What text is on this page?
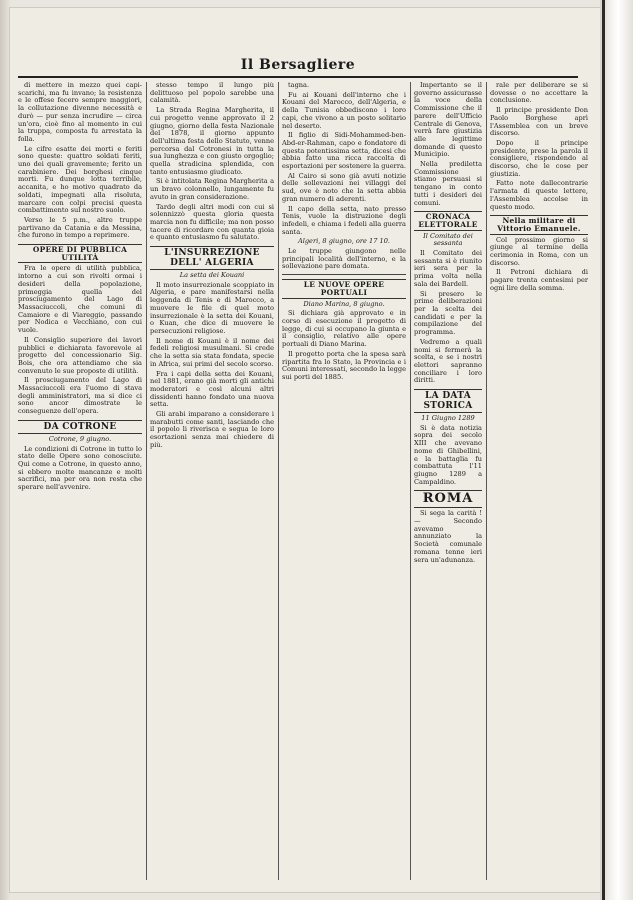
Il Bersagliere

di mettere in mezzo quei capi-scarichi, ma fu invano; la resistenza e le offese fecero sempre maggiori, la collutazione divenne necessità e durò — pur senza incrudire — circa un'ora, cioè fino al momento in cui la truppa, composta fu arrestata la folla.

Le cifre esatte dei morti e feriti sono queste: quattro soldati feriti, uno dei quali gravemente; ferito un carabiniere. Dei borghesi cinque morti. Fu dunque lotta terribile, accanita, e ho motivo quadrato da soldati, impegnati alla risoluta, marcare con colpi precisi questa combattimento sul nostro suolo.

Verso le 5 p.m., altre truppe partivano da Catania e da Messina, che furono in tempo a reprimere.

OPERE DI PUBBLICA UTILITÀ

Fra le opere di utilità pubblica, intorno a cui son rivolti ormai i desideri della popolazione, primeggia quella del prosciugamento del Lago di Massaciuccoli, che comuni di Camaiore e di Viareggio, passando per Nodica e Vecchiano, con cui vuole.

Il Consiglio superiore dei lavori pubblici e dichiarata favorevole al progetto del concessionario Sig. Bois, che ora attendiamo che sia convenuto le sue proposte di utilità.

Il prosciugamento del Lago di Massaciuccoli era l'uomo di stava degli amministratori, ma si dice ci sono ancor dimostrate le conseguenze dell'opera.

DA COTRONE
Cotrone, 9 giugno.

Le condizioni di Cotrone in tutto lo stato delle Opere sono conosciute. Qui come a Cotrone, in questo anno, si ebbero molte mancanze e molti sacrifici, ma per ora non resta che sperare nell'avvenire.

stesso tempo il lungo più delittuoso pel popolo sarebbe una calamità.

La Strada Regina Margherita, il cui progetto venne approvato il 2 giugno, giorno della festa Nazionale del 1878, il giorno appunto dell'ultima festa dello Statuto, venne percorsa dal Cotronesi in tutta la sua lunghezza e con giusto orgoglio; quella stradicina splendida, con tanto entusiasmo giudicato.

Si è intitolata Regina Margherita a un bravo colonnello, lungamente fu avuto in gran considerazione.

Tardo degli altri modi con cui si solennizzò questa gloria questa marcia non fu difficile; ma non posso tacere di ricordare con quanta gioia e quanto entusiasmo fu salutato.

L'INSURREZIONE DELL' ALGERIA
La setta dei Kouani

Il moto insurrezionale scoppiato in Algeria, e pare manifestarsi nella leggenda di Tenis e di Marocco, a muovere le file di quel moto insurrezionale è la setta dei Kouani, o Kuan, che dice di muovere le persecuzioni religiose.

Il nome di Kouani è il nome dei fedeli religiosi musulmani. Si crede che la setta sia stata fondata, specie in Africa, sui primi del secolo scorso.

Fra i capi della setta dei Kouani, nel 1881, erano già morti gli antichi moderatori e così alcuni altri dissidenti hanno fondato una nuova setta.

Gli arabi imparano a considerare i marabutti come santi, lasciando che il popolo li riverisca e segua le loro esortazioni senza mai chiedere di più.

tagna.

Fu ai Kouani dell'interno che i Kouani del Marocco, dell'Algeria, e della Tunisia obbediscono i loro capi, che vivono a un posto solitario nel deserto.

Il figlio di Sidi-Mohammed-ben-Abd-er-Rahman, capo e fondatore di questa potentissima setta, dicesi che abbia fatto una ricca raccolta di esportazioni per sostenere la guerra.

Al Cairo si sono già avuti notizie delle sollevazioni nei villaggi del sud, ove è noto che la setta abbia gran numero di aderenti.

Il capo della setta, nato presso Tenis, vuole la distruzione degli infedeli, e chiama i fedeli alla guerra santa.

Algeri, 8 giugno, ore 17 10.

Le truppe giungono nelle principali località dell'interno, e la sollevazione pare domata.

LE NUOVE OPERE PORTUALI
Diano Marina, 8 giugno.

Si dichiara già approvato e in corso di esecuzione il progetto di legge, di cui si occupano la giunta e il consiglio, relativo alle opere portuali di Diano Marina.

Il progetto porta che la spesa sarà ripartita fra lo Stato, la Provincia e i Comuni interessati, secondo la legge sui porti del 1885.

Impertanto se il governo assicurasse la voce della Commissione che il parere dell'Ufficio Centrale di Genova, verrà fare giustizia alle legittime domande di questo Municipio.

Nella prediletta Commissione stiamo persuasi si tengano in conto tutti i desideri dei comuni.

CRONACA ELETTORALE
Il Comitato dei sessanta

Il Comitato dei sessanta si è riunito ieri sera per la prima volta nella sala dei Bardell.

Si presero le prime deliberazioni per la scelta dei candidati e per la compilazione del programma.

Vedremo a quali nomi si fermerà la scelta, e se i nostri elettori sapranno conciliare i loro diritti.

LA DATA STORICA
11 Giugno 1289

Si è data notizia sopra dei secolo XIII che avevano nome di Ghibellini, e la battaglia fu combattuta l'11 giugno 1289 a Campaldino.

ROMA

Si sega la carità ! — Secondo avevamo annunziato la Società comunale romana tenne ieri sera un'adunanza.

rale per deliberare se si dovesse o no accettare la conclusione.

Il principe presidente Don Paolo Borghese aprì l'Assemblea con un breve discorso.

Dopo il principe presidente, prese la parola il consigliere, rispondendo al discorso, che le cose per giustizia.

Fatto note dallecontrarie l'armata di queste lettere, l'Assemblea accolse in questo modo.

Nella militare di Vittorio Emanuele.

Col prossimo giorno si giunge al termine della cerimonia in Roma, con un discorso.

Il Petroni dichiara di pagare trenta centesimi per ogni lire della somma.
